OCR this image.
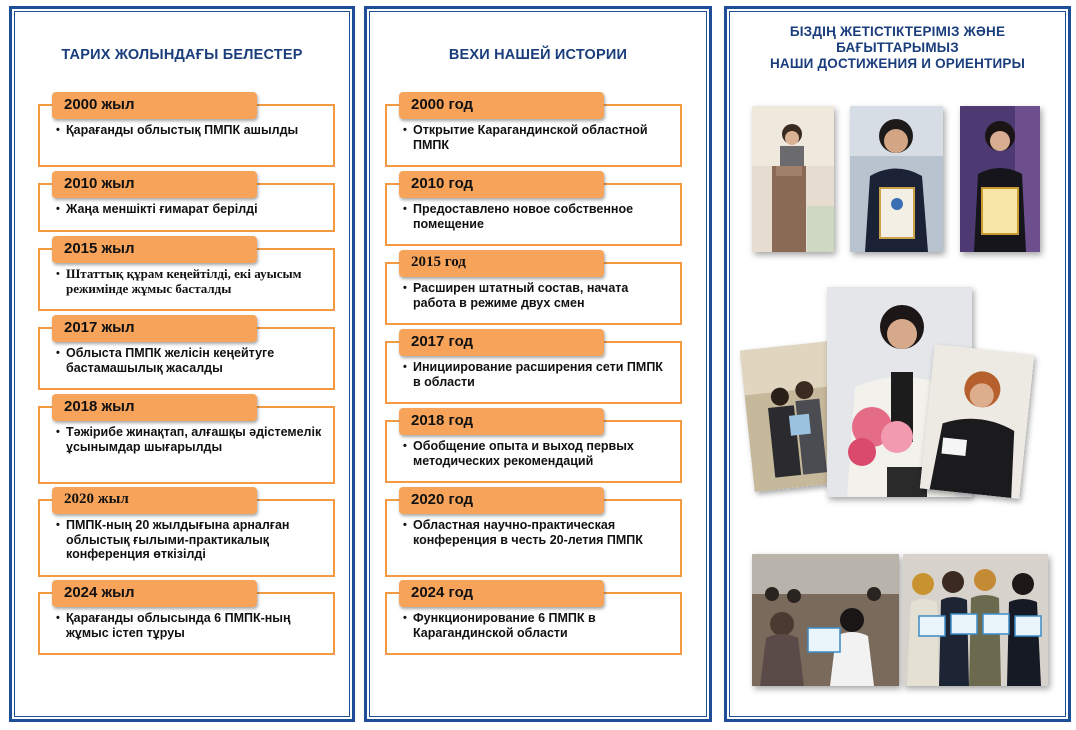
ТАРИХ ЖОЛЫНДАҒЫ БЕЛЕСТЕР
2000 жыл
• Қарағанды облыстық ПМПК ашылды
2010 жыл
• Жаңа меншікті ғимарат берілді
2015 жыл
• Штаттық құрам кеңейтілді, екі ауысым режимінде жұмыс басталды
2017 жыл
• Облыста ПМПК желісін кеңейтуге бастамашылық жасалды
2018 жыл
• Тәжірибе жинақтап, алғашқы әдістемелік ұсынымдар шығарылды
2020 жыл
• ПМПК-ның 20 жылдығына арналған облыстық ғылыми-практикалық конференция өткізілді
2024 жыл
• Қарағанды облысында 6 ПМПК-ның жұмыс істеп тұруы
ВЕХИ НАШЕЙ ИСТОРИИ
2000 год
• Открытие Карагандинской областной ПМПК
2010 год
• Предоставлено новое собственное помещение
2015 год
• Расширен штатный состав, начата работа в режиме двух смен
2017 год
• Инициирование расширения сети ПМПК в области
2018 год
• Обобщение опыта и выход первых методических рекомендаций
2020 год
• Областная научно-практическая конференция в честь 20-летия ПМПК
2024 год
• Функционирование 6 ПМПК в Карагандинской области
БІЗДІҢ ЖЕТІСТІКТЕРІМІЗ ЖӘНЕ
БАҒЫТТАРЫМЫЗ
НАШИ ДОСТИЖЕНИЯ И ОРИЕНТИРЫ
